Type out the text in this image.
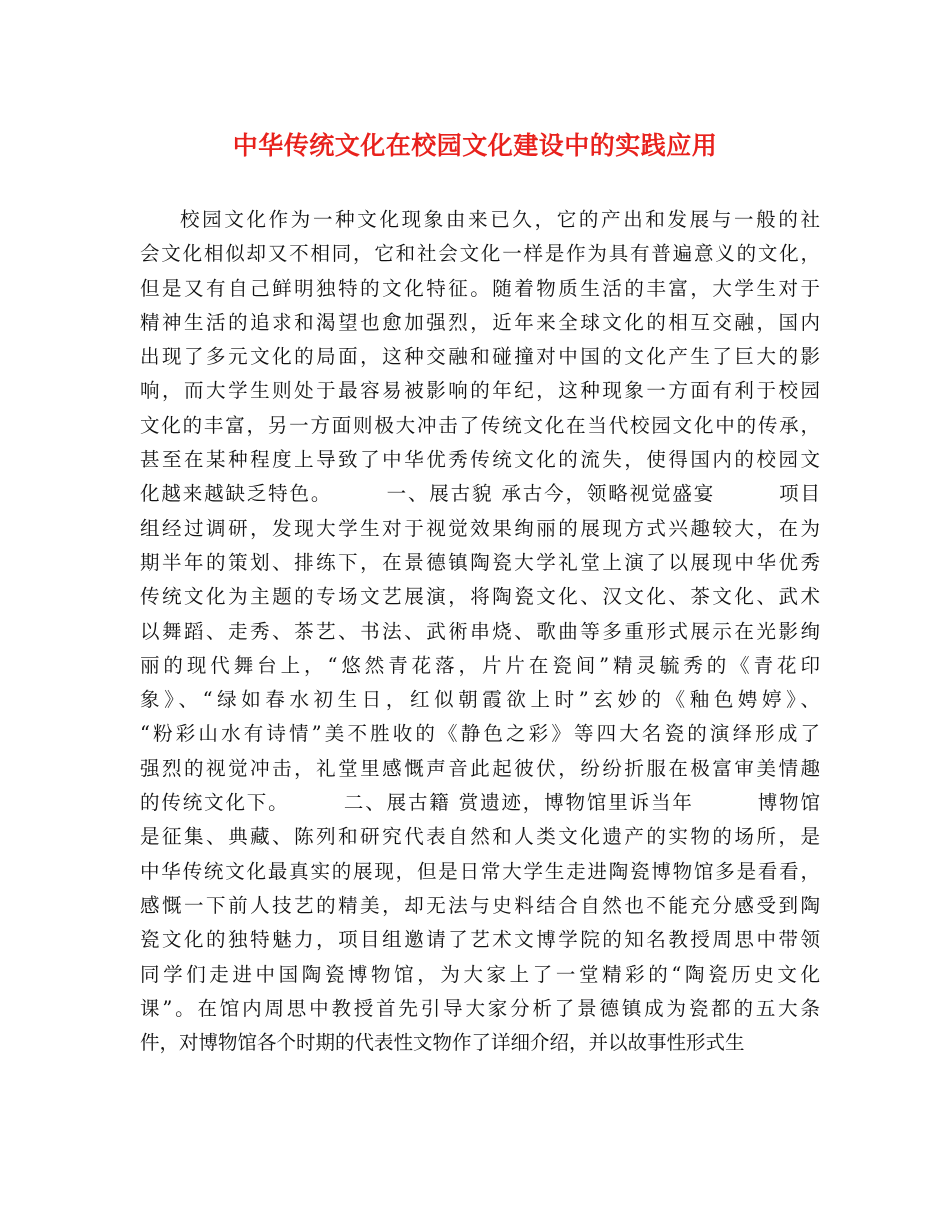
中华传统文化在校园文化建设中的实践应用
校园文化作为一种文化现象由来已久，它的产出和发展与一般的社
会文化相似却又不相同，它和社会文化一样是作为具有普遍意义的文化，
但是又有自己鲜明独特的文化特征。随着物质生活的丰富，大学生对于
精神生活的追求和渴望也愈加强烈，近年来全球文化的相互交融，国内
出现了多元文化的局面，这种交融和碰撞对中国的文化产生了巨大的影
响，而大学生则处于最容易被影响的年纪，这种现象一方面有利于校园
文化的丰富，另一方面则极大冲击了传统文化在当代校园文化中的传承，
甚至在某种程度上导致了中华优秀传统文化的流失，使得国内的校园文
化越来越缺乏特色。　　　一、展古貌 承古今，领略视觉盛宴　　　项目
组经过调研，发现大学生对于视觉效果绚丽的展现方式兴趣较大，在为
期半年的策划、排练下，在景德镇陶瓷大学礼堂上演了以展现中华优秀
传统文化为主题的专场文艺展演，将陶瓷文化、汉文化、茶文化、武术
以舞蹈、走秀、茶艺、书法、武術串烧、歌曲等多重形式展示在光影绚
丽的现代舞台上，“悠然青花落，片片在瓷间”精灵毓秀的《青花印
象》、“绿如春水初生日，红似朝霞欲上时”玄妙的《釉色娉婷》、
“粉彩山水有诗情”美不胜收的《静色之彩》等四大名瓷的演绎形成了
强烈的视觉冲击，礼堂里感慨声音此起彼伏，纷纷折服在极富审美情趣
的传统文化下。　　　二、展古籍 赏遗迹，博物馆里诉当年　　　博物馆
是征集、典藏、陈列和研究代表自然和人类文化遗产的实物的场所，是
中华传统文化最真实的展现，但是日常大学生走进陶瓷博物馆多是看看，
感慨一下前人技艺的精美，却无法与史料结合自然也不能充分感受到陶
瓷文化的独特魅力，项目组邀请了艺术文博学院的知名教授周思中带领
同学们走进中国陶瓷博物馆，为大家上了一堂精彩的“陶瓷历史文化
课”。在馆内周思中教授首先引导大家分析了景德镇成为瓷都的五大条
件，对博物馆各个时期的代表性文物作了详细介绍，并以故事性形式生
